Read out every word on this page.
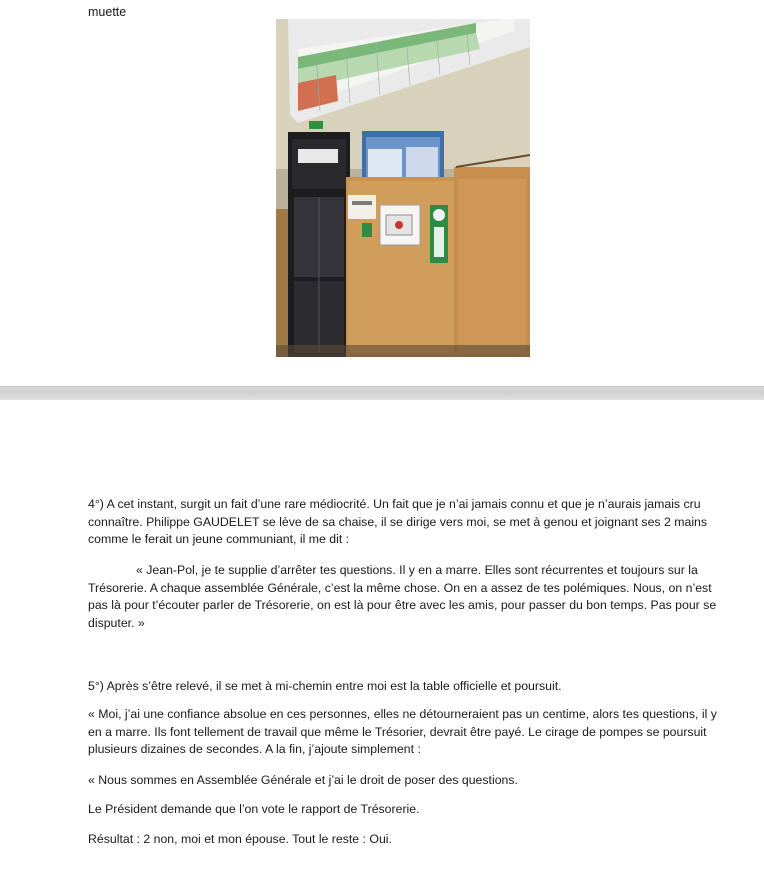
muette

4°) A cet instant, surgit un fait d’une rare médiocrité. Un fait que je n’ai jamais connu et que je n’aurais jamais cru connaître. Philippe GAUDELET se lève de sa chaise, il se dirige vers moi, se met à genou et joignant ses 2 mains comme le ferait un jeune communiant, il me dit :

« Jean-Pol, je te supplie d’arrêter tes questions. Il y en a marre. Elles sont récurrentes et toujours sur la Trésorerie. A chaque assemblée Générale, c’est la même chose. On en a assez de tes polémiques. Nous, on n’est pas là pour t’écouter parler de Trésorerie, on est là pour être avec les amis, pour passer du bon temps. Pas pour se disputer. »

5°) Après s’être relevé, il se met à mi-chemin entre moi est la table officielle et poursuit.

« Moi, j’ai une confiance absolue en ces personnes, elles ne détourneraient pas un centime, alors tes questions, il y en a marre. Ils font tellement de travail que même le Trésorier, devrait être payé. Le cirage de pompes se poursuit plusieurs dizaines de secondes. A la fin, j’ajoute simplement :

« Nous sommes en Assemblée Générale et j’ai le droit de poser des questions.

Le Président demande que l’on vote le rapport de Trésorerie.

Résultat : 2 non, moi et mon épouse. Tout le reste : Oui.
